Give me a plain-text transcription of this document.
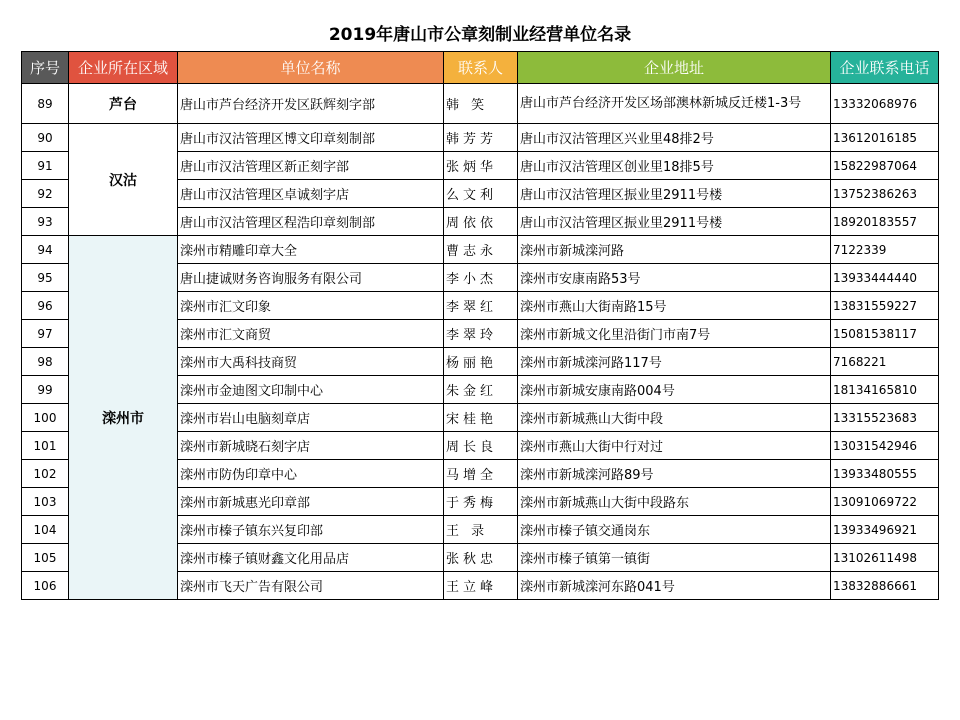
2019年唐山市公章刻制业经营单位名录
序号	企业所在区域	单位名称	联系人	企业地址	企业联系电话
89	芦台	唐山市芦台经济开发区跃辉刻字部	韩 笑	唐山市芦台经济开发区场部澳林新城反迁楼1-3号	13332068976
90	汉沽	唐山市汉沽管理区博文印章刻制部	韩芳芳	唐山市汉沽管理区兴业里48排2号	13612016185
91		唐山市汉沽管理区新正刻字部	张炳华	唐山市汉沽管理区创业里18排5号	15822987064
92		唐山市汉沽管理区卓诚刻字店	么文利	唐山市汉沽管理区振业里2911号楼	13752386263
93		唐山市汉沽管理区程浩印章刻制部	周依依	唐山市汉沽管理区振业里2911号楼	18920183557
94	滦州市	滦州市精雕印章大全	曹志永	滦州市新城滦河路	7122339
95		唐山捷诚财务咨询服务有限公司	李小杰	滦州市安康南路53号	13933444440
96		滦州市汇文印象	李翠红	滦州市燕山大街南路15号	13831559227
97		滦州市汇文商贸	李翠玲	滦州市新城文化里沿街门市南7号	15081538117
98		滦州市大禹科技商贸	杨丽艳	滦州市新城滦河路117号	7168221
99		滦州市金迪图文印制中心	朱金红	滦州市新城安康南路004号	18134165810
100		滦州市岩山电脑刻章店	宋桂艳	滦州市新城燕山大街中段	13315523683
101		滦州市新城晓石刻字店	周长良	滦州市燕山大街中行对过	13031542946
102		滦州市防伪印章中心	马增全	滦州市新城滦河路89号	13933480555
103		滦州市新城惠光印章部	于秀梅	滦州市新城燕山大街中段路东	13091069722
104		滦州市榛子镇东兴复印部	王 录	滦州市榛子镇交通岗东	13933496921
105		滦州市榛子镇财鑫文化用品店	张秋忠	滦州市榛子镇第一镇街	13102611498
106		滦州市飞天广告有限公司	王立峰	滦州市新城滦河东路041号	13832886661
